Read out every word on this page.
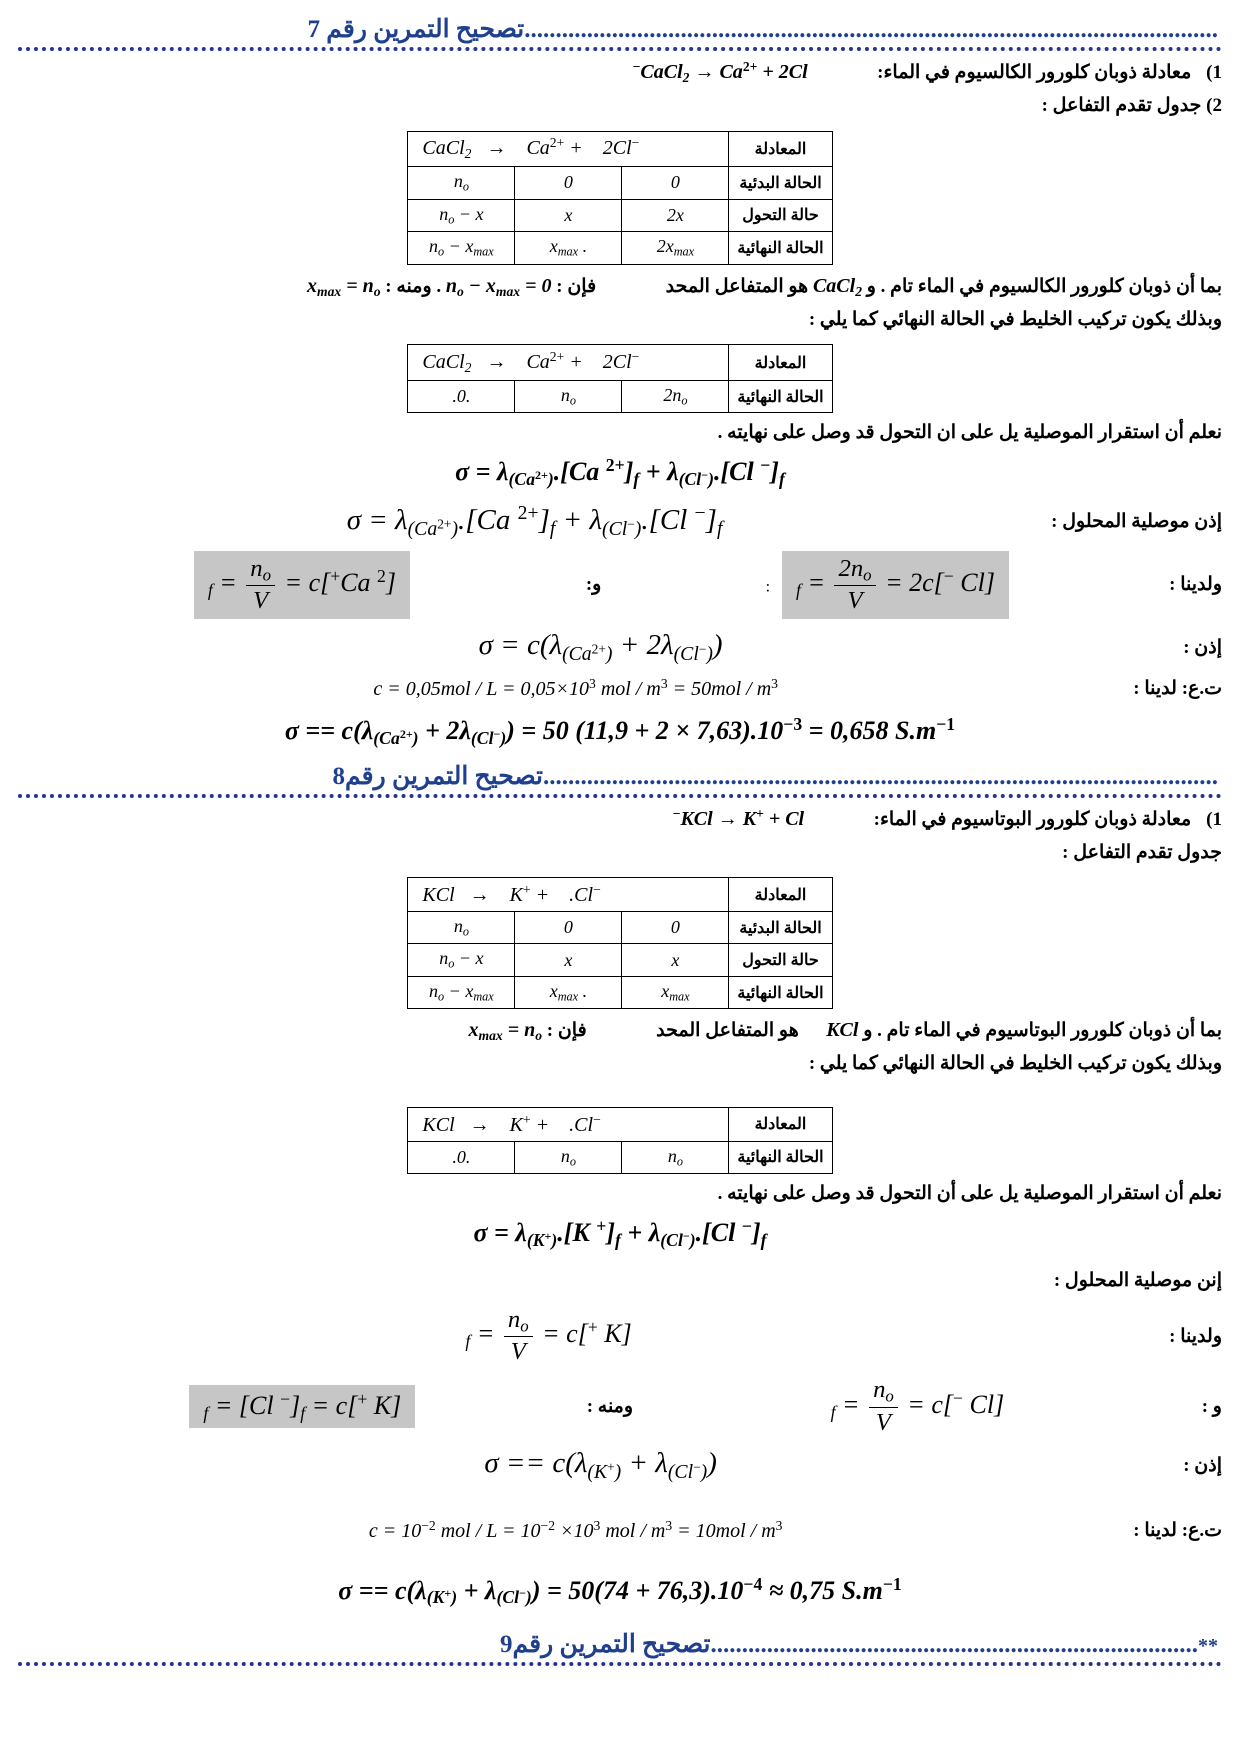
...............................................................................................................تصحيح التمرين رقم 7
1) معادلة ذوبان كلورور الكالسيوم في الماء:  CaCl$_2$ → $Ca^{2+} + 2Cl^-$
2) جدول تقدم التفاعل :
المعادلة	CaCl$_2$   →    $Ca^{2+}$ +    2Cl−
الحالة البدئية	0	0	$n_o$
حالة التحول	2x	x	$n_o - x$
الحالة النهائية	$2x_{max}$	$x_{max}$ .	$n_o - x_{max}$
بما أن ذوبان كلورور الكالسيوم في الماء تام . و CaCl$_2$ هو المتفاعل المحد  فإن : $n_o - x_{max} = 0$ . ومنه : $x_{max} = n_o$
وبذلك يكون تركيب الخليط في الحالة النهائي كما يلي :
المعادلة	CaCl$_2$   →    $Ca^{2+}$ +    2Cl−
الحالة النهائية	$2n_o$	$n_o$	.0.
نعلم أن استقرار الموصلية يل على ان التحول قد وصل على نهايته .
$\sigma = \lambda_{(Ca^{2+})}.[Ca$ $^{2+}]_f + \lambda_{(Cl^-)}.[Cl$ $^-]_f$
إذن موصلية المحلول :
$\sigma = \lambda_{(Ca^{2+})}.[Ca$ $^{2+}]_f + \lambda_{(Cl^-)}.[Cl$ $^-]_f$
ولدينا :
[Cl $^-]_f = \frac{2n_o}{V} = 2c$   :
و:
[Ca $^{2+}]_f = \frac{n_o}{V} = c$
إذن :
$\sigma = c(\lambda_{(Ca^{2+})} + 2\lambda_{(Cl^-)})$
ت.ع: لدينا :
$c = 0,05mol / L = 0,05\times 10^3$ mol / $m^3 = 50mol / m^3$
$\sigma == c(\lambda_{(Ca^{2+})} + 2\lambda_{(Cl^-)}) = 50$ $(11,9 + 2 \times 7,63).10^{-3} = 0,658$ $S.m^{-1}$
............................................................................................................تصحيح التمرين رقم8
1) معادلة ذوبان كلورور البوتاسيوم في الماء:  KCl → K+ + Cl−
جدول تقدم التفاعل :
المعادلة	KCl   →    K+ +    .Cl−
الحالة البدئية	0	0	$n_o$
حالة التحول	x	x	$n_o - x$
الحالة النهائية	$x_{max}$	$x_{max}$ .	$n_o - x_{max}$
بما أن ذوبان كلورور البوتاسيوم في الماء تام . و KCl  هو المتفاعل المحد  فإن : $x_{max} = n_o$
وبذلك يكون تركيب الخليط في الحالة النهائي كما يلي :
المعادلة	KCl   →    K+ +    .Cl−
الحالة النهائية	$n_o$	$n_o$	.0.
نعلم أن استقرار الموصلية يل على أن التحول قد وصل على نهايته .
$\sigma = \lambda_{(K^+)}.[K$ $^+]_f + \lambda_{(Cl^-)}.[Cl$ $^-]_f$
إنن موصلية المحلول :
ولدينا :
[K $^+]_f = \frac{n_o}{V} = c$
و :
[Cl $^-]_f = \frac{n_o}{V} = c$
ومنه :
[K $^+]_f = [Cl$ $^-]_f = c$
إذن :
$\sigma == c(\lambda_{(K^+)} + \lambda_{(Cl^-)})$
ت.ع: لدينا :
$c = 10^{-2}$ mol / $L = 10^{-2} \times 10^3$ mol / $m^3 = 10mol / m^3$
$\sigma == c(\lambda_{(K^+)} + \lambda_{(Cl^-)}) = 50(74 + 76,3).10^{-4} \approx 0,75$ $S.m^{-1}$
**..............................................................................تصحيح التمرين رقم9
